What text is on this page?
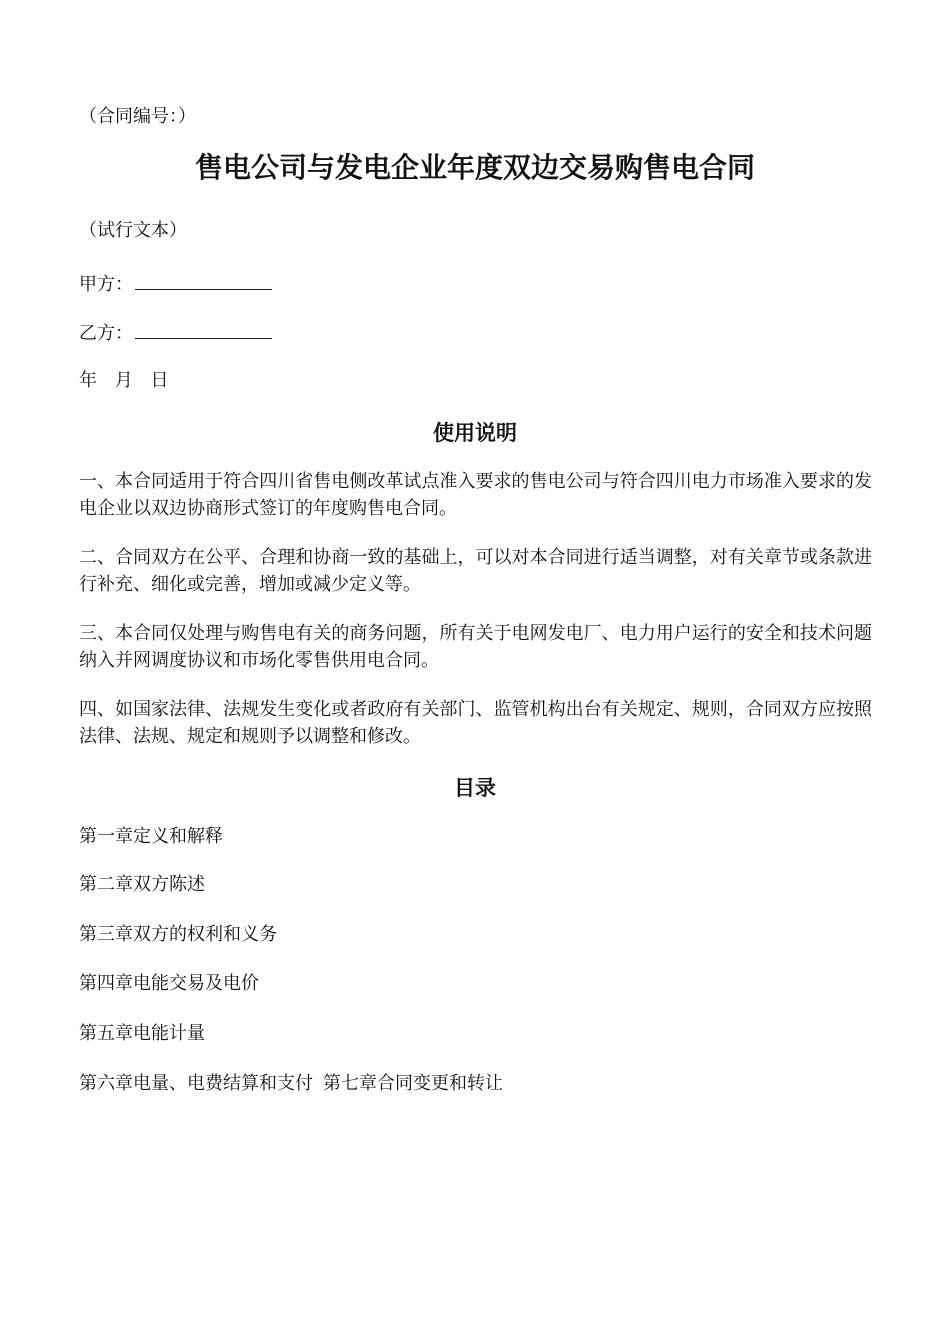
（合同编号：）
售电公司与发电企业年度双边交易购售电合同
（试行文本）
甲方：
乙方：
年 月 日
使用说明
一、本合同适用于符合四川省售电侧改革试点准入要求的售电公司与符合四川电力市场准入要求的发电企业以双边协商形式签订的年度购售电合同。
二、合同双方在公平、合理和协商一致的基础上，可以对本合同进行适当调整，对有关章节或条款进行补充、细化或完善，增加或减少定义等。
三、本合同仅处理与购售电有关的商务问题，所有关于电网发电厂、电力用户运行的安全和技术问题纳入并网调度协议和市场化零售供用电合同。
四、如国家法律、法规发生变化或者政府有关部门、监管机构出台有关规定、规则，合同双方应按照法律、法规、规定和规则予以调整和修改。
目录
第一章定义和解释
第二章双方陈述
第三章双方的权利和义务
第四章电能交易及电价
第五章电能计量
第六章电量、电费结算和支付 第七章合同变更和转让
